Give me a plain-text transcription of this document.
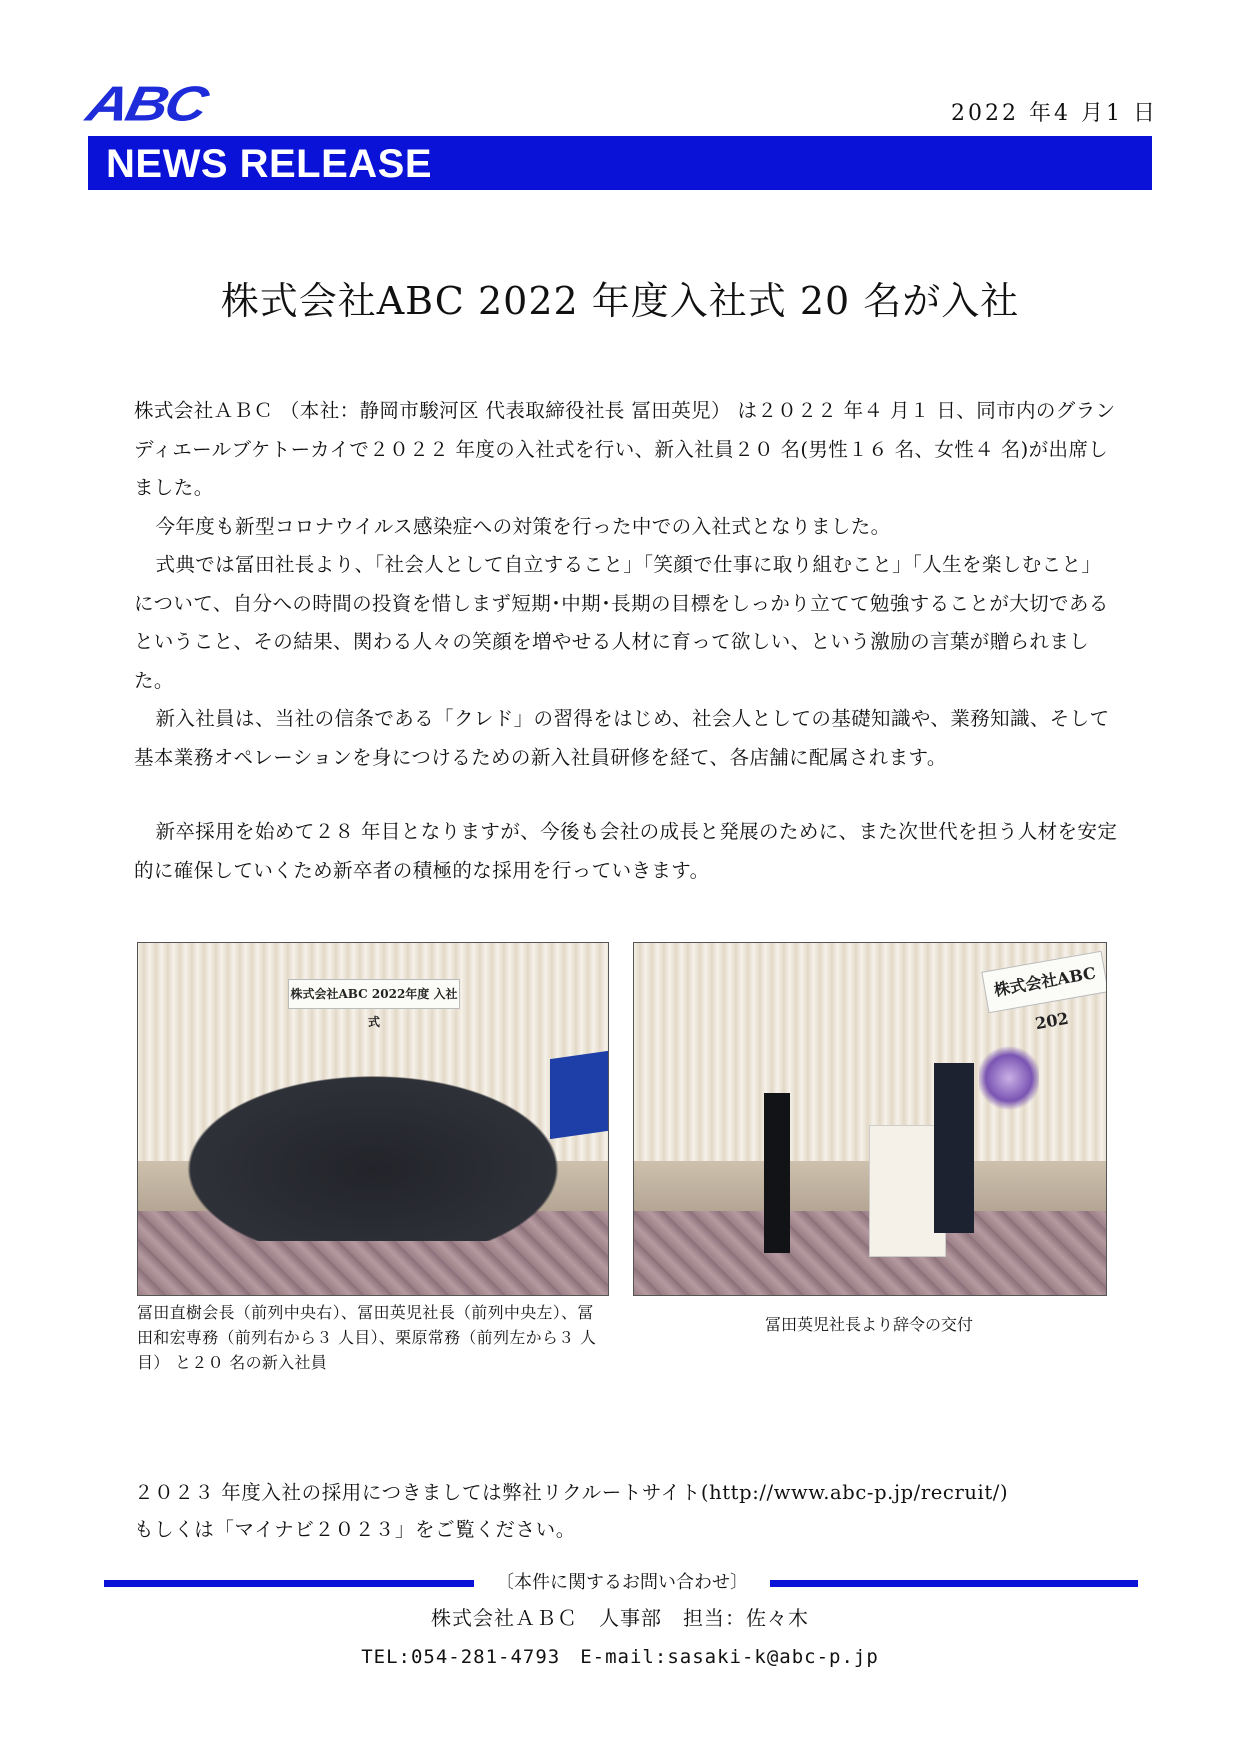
ABC	2022 年4 月1 日
NEWS RELEASE
株式会社ABC 2022 年度入社式 20 名が入社

株式会社ＡＢＣ （本社：静岡市駿河区 代表取締役社長 冨田英児） は２０２２ 年４ 月１ 日、同市内のグランディエールブケトーカイで２０２２ 年度の入社式を行い、新入社員２０ 名(男性１６ 名、女性４ 名)が出席しました。

今年度も新型コロナウイルス感染症への対策を行った中での入社式となりました。

式典では冨田社長より、「社会人として自立すること」「笑顔で仕事に取り組むこと」「人生を楽しむこと」について、自分への時間の投資を惜しまず短期･中期･長期の目標をしっかり立てて勉強することが大切であるということ、その結果、関わる人々の笑顔を増やせる人材に育って欲しい、という激励の言葉が贈られました。

新入社員は、当社の信条である「クレド」の習得をはじめ、社会人としての基礎知識や、業務知識、そして基本業務オペレーションを身につけるための新入社員研修を経て、各店舗に配属されます。

新卒採用を始めて２８ 年目となりますが、今後も会社の成長と発展のために、また次世代を担う人材を安定的に確保していくため新卒者の積極的な採用を行っていきます。

株式会社ABC 2022年度 入社式
株式会社ABC 202
冨田直樹会長（前列中央右）、冨田英児社長（前列中央左）、冨田和宏専務（前列右から３ 人目）、栗原常務（前列左から３ 人目） と２０ 名の新入社員
冨田英児社長より辞令の交付

２０２３ 年度入社の採用につきましては弊社リクルートサイト(http://www.abc-p.jp/recruit/)

もしくは「マイナビ２０２３」をご覧ください。

〔本件に関するお問い合わせ〕
株式会社ＡＢＣ　人事部　担当：佐々木
TEL:054-281-4793　E-mail:sasaki-k@abc-p.jp
